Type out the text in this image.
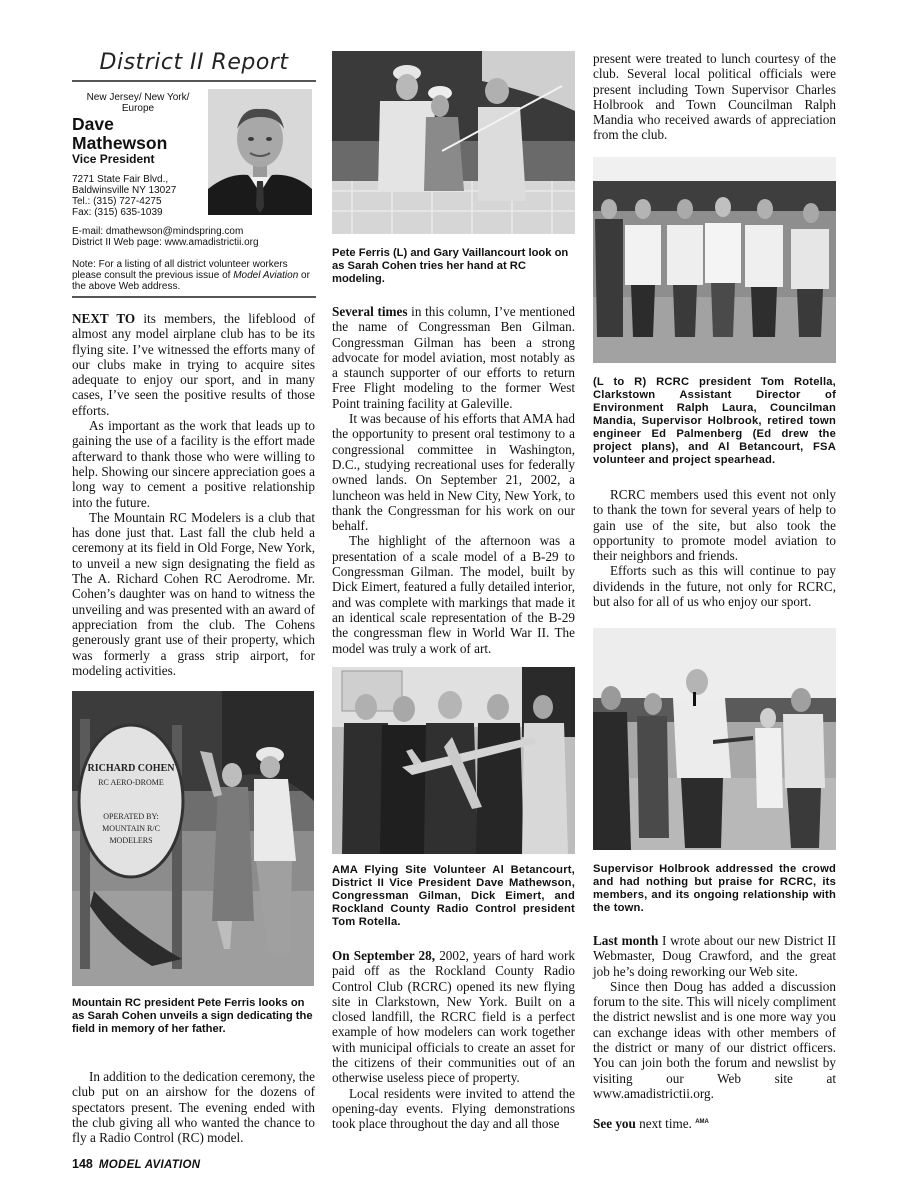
District II Report
New Jersey/ New York/ Europe
Dave Mathewson
Vice President
7271 State Fair Blvd.,
Baldwinsville NY 13027
Tel.: (315) 727-4275
Fax: (315) 635-1039
E-mail: dmathewson@mindspring.com
District II Web page: www.amadistrictii.org
Note: For a listing of all district volunteer workers please consult the previous issue of Model Aviation or the above Web address.

NEXT TO its members, the lifeblood of almost any model airplane club has to be its flying site. I’ve witnessed the efforts many of our clubs make in trying to acquire sites adequate to enjoy our sport, and in many cases, I’ve seen the positive results of those efforts.

As important as the work that leads up to gaining the use of a facility is the effort made afterward to thank those who were willing to help. Showing our sincere appreciation goes a long way to cement a positive relationship into the future.

The Mountain RC Modelers is a club that has done just that. Last fall the club held a ceremony at its field in Old Forge, New York, to unveil a new sign designating the field as The A. Richard Cohen RC Aerodrome. Mr. Cohen’s daughter was on hand to witness the unveiling and was presented with an award of appreciation from the club. The Cohens generously grant use of their property, which was formerly a grass strip airport, for modeling activities.

RICHARD COHEN
RC AERO-DROME
OPERATED BY:
MOUNTAIN R/C
MODELERS
Mountain RC president Pete Ferris looks on as Sarah Cohen unveils a sign dedicating the field in memory of her father.

In addition to the dedication ceremony, the club put on an airshow for the dozens of spectators present. The evening ended with the club giving all who wanted the chance to fly a Radio Control (RC) model.

Pete Ferris (L) and Gary Vaillancourt look on as Sarah Cohen tries her hand at RC modeling.

Several times in this column, I’ve mentioned the name of Congressman Ben Gilman. Congressman Gilman has been a strong advocate for model aviation, most notably as a staunch supporter of our efforts to return Free Flight modeling to the former West Point training facility at Galeville.

It was because of his efforts that AMA had the opportunity to present oral testimony to a congressional committee in Washington, D.C., studying recreational uses for federally owned lands. On September 21, 2002, a luncheon was held in New City, New York, to thank the Congressman for his work on our behalf.

The highlight of the afternoon was a presentation of a scale model of a B-29 to Congressman Gilman. The model, built by Dick Eimert, featured a fully detailed interior, and was complete with markings that made it an identical scale representation of the B-29 the congressman flew in World War II. The model was truly a work of art.

AMA Flying Site Volunteer Al Betancourt, District II Vice President Dave Mathewson, Congressman Gilman, Dick Eimert, and Rockland County Radio Control president Tom Rotella.

On September 28, 2002, years of hard work paid off as the Rockland County Radio Control Club (RCRC) opened its new flying site in Clarkstown, New York. Built on a closed landfill, the RCRC field is a perfect example of how modelers can work together with municipal officials to create an asset for the citizens of their communities out of an otherwise useless piece of property.

Local residents were invited to attend the opening-day events. Flying demonstrations took place throughout the day and all those

present were treated to lunch courtesy of the club. Several local political officials were present including Town Supervisor Charles Holbrook and Town Councilman Ralph Mandia who received awards of appreciation from the club.

(L to R) RCRC president Tom Rotella, Clarkstown Assistant Director of Environment Ralph Laura, Councilman Mandia, Supervisor Holbrook, retired town engineer Ed Palmenberg (Ed drew the project plans), and Al Betancourt, FSA volunteer and project spearhead.

RCRC members used this event not only to thank the town for several years of help to gain use of the site, but also took the opportunity to promote model aviation to their neighbors and friends.

Efforts such as this will continue to pay dividends in the future, not only for RCRC, but also for all of us who enjoy our sport.

Supervisor Holbrook addressed the crowd and had nothing but praise for RCRC, its members, and its ongoing relationship with the town.

Last month I wrote about our new District II Webmaster, Doug Crawford, and the great job he’s doing reworking our Web site.

Since then Doug has added a discussion forum to the site. This will nicely compliment the district newslist and is one more way you can exchange ideas with other members of the district or many of our district officers. You can join both the forum and newslist by visiting our Web site at www.amadistrictii.org.

See you next time. AMA

148 MODEL AVIATION
